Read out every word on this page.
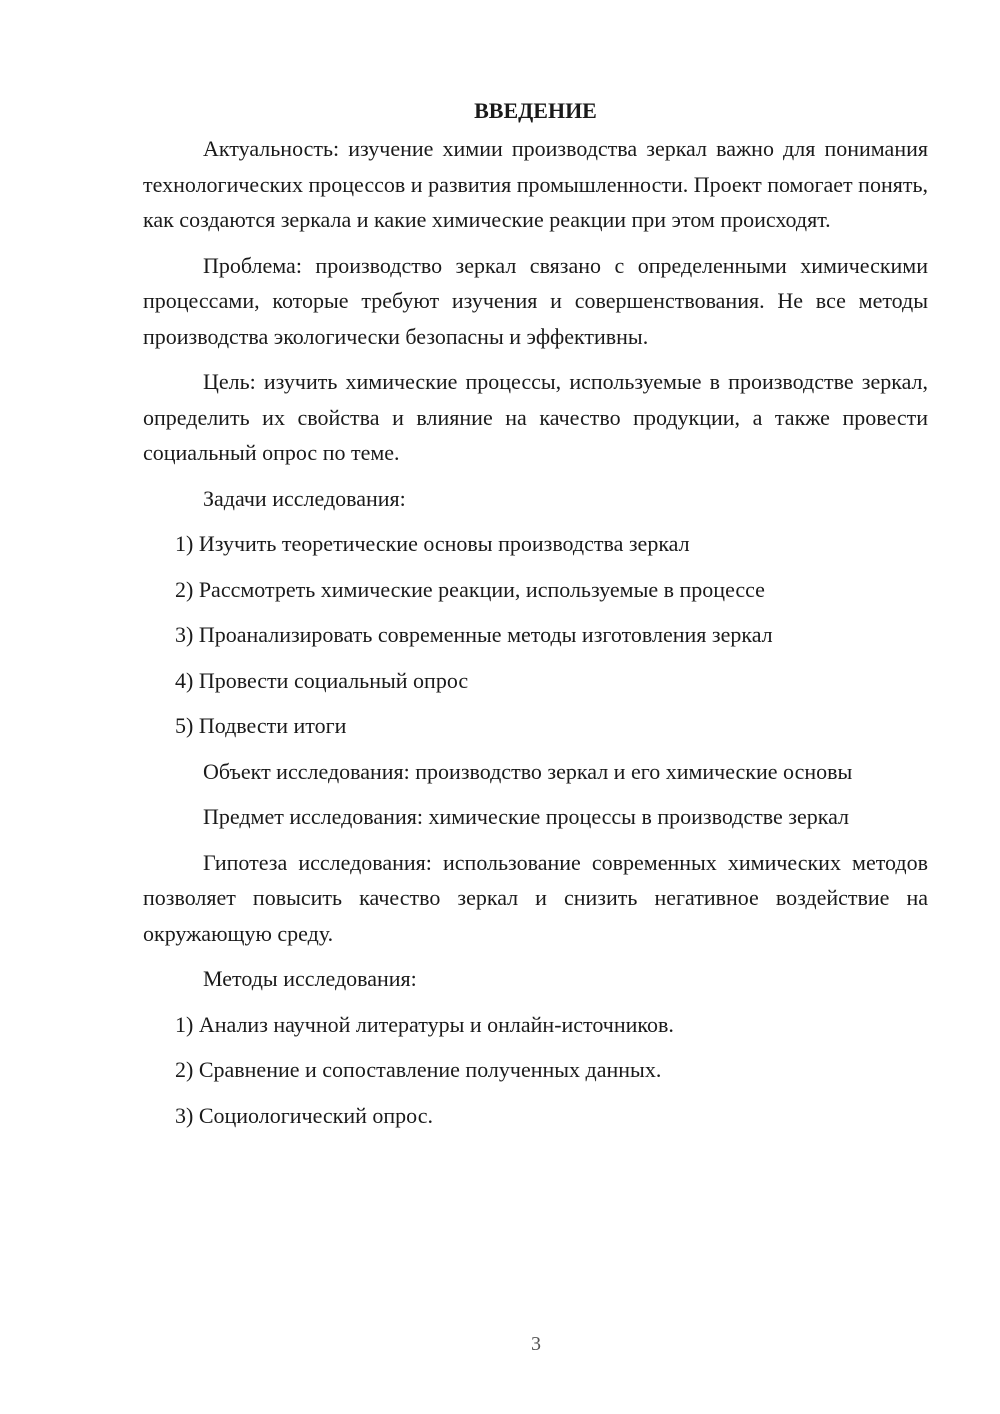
ВВЕДЕНИЕ

Актуальность: изучение химии производства зеркал важно для понимания технологических процессов и развития промышленности. Проект помогает понять, как создаются зеркала и какие химические реакции при этом происходят.

Проблема: производство зеркал связано с определенными химическими процессами, которые требуют изучения и совершенствования. Не все методы производства экологически безопасны и эффективны.

Цель: изучить химические процессы, используемые в производстве зеркал, определить их свойства и влияние на качество продукции, а также провести социальный опрос по теме.

Задачи исследования:

1) Изучить теоретические основы производства зеркал

2) Рассмотреть химические реакции, используемые в процессе

3) Проанализировать современные методы изготовления зеркал

4) Провести социальный опрос

5) Подвести итоги

Объект исследования: производство зеркал и его химические основы

Предмет исследования: химические процессы в производстве зеркал

Гипотеза исследования: использование современных химических методов позволяет повысить качество зеркал и снизить негативное воздействие на окружающую среду.

Методы исследования:

1) Анализ научной литературы и онлайн-источников.

2) Сравнение и сопоставление полученных данных.

3) Социологический опрос.

3
